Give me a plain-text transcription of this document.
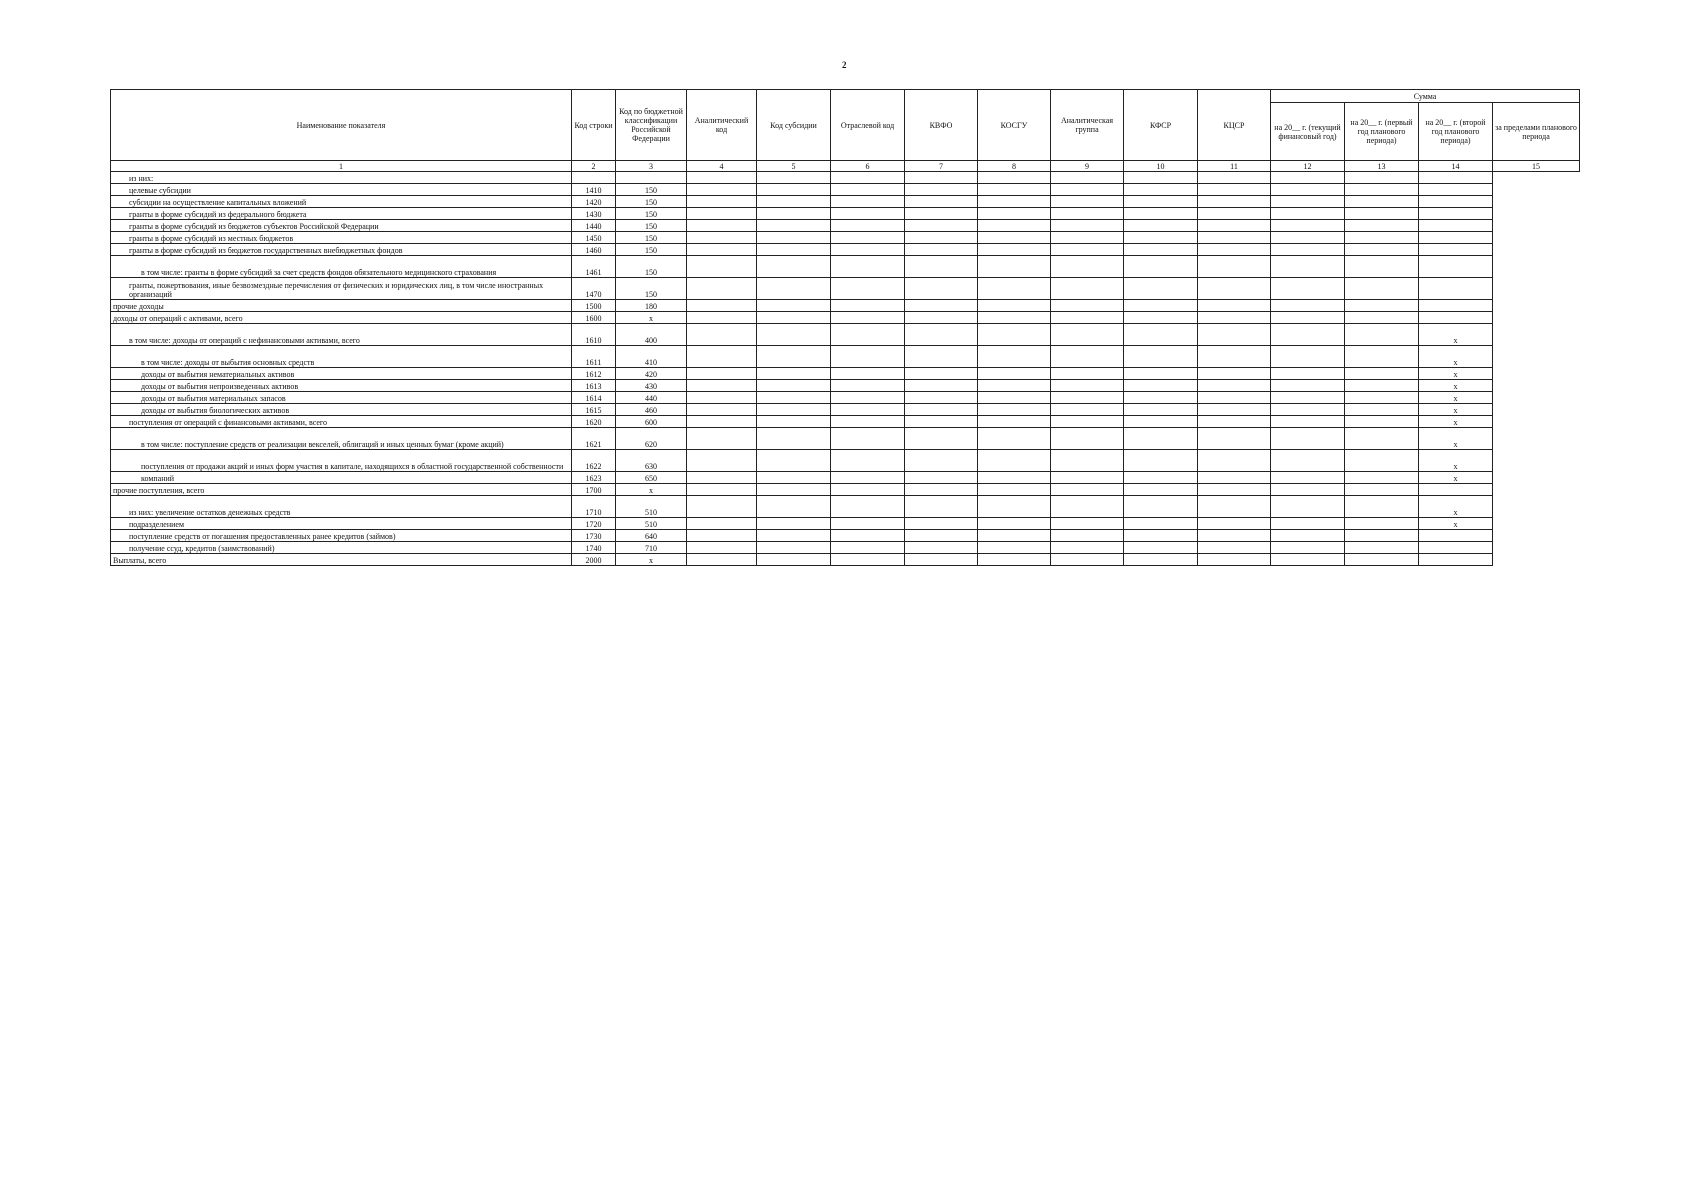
2
Наименование показателя	Код строки	Код по бюджетной классификации Российской Федерации	Аналитический код	Код субсидии	Отраслевой код	КВФО	КОСГУ	Аналитическая группа	КФСР	КЦСР	Сумма			
											на 20__ г. (текущий финансовый год)	на 20__ г. (первый год планового периода)	на 20__ г. (второй год планового периода)	за пределами планового периода
1	2	3	4	5	6	7	8	9	10	11	12	13	14	15
из них:														
целевые субсидии	1410	150												
субсидии на осуществление капитальных вложений	1420	150												
гранты в форме субсидий из федерального бюджета	1430	150												
гранты в форме субсидий из бюджетов субъектов Российской Федерации	1440	150												
гранты в форме субсидий из местных бюджетов	1450	150												
гранты в форме субсидий из бюджетов государственных внебюджетных фондов	1460	150												
в том числе: гранты в форме субсидий за счет средств фондов обязательного медицинского страхования	1461	150												
гранты, пожертвования, иные безвозмездные перечисления от физических и юридических лиц, в том числе иностранных организаций	1470	150												
прочие доходы	1500	180												
доходы от операций с активами, всего	1600	x												
в том числе: доходы от операций с нефинансовыми активами, всего	1610	400											x	
в том числе: доходы от выбытия основных средств	1611	410											x	
доходы от выбытия нематериальных активов	1612	420											x	
доходы от выбытия непроизведенных активов	1613	430											x	
доходы от выбытия материальных запасов	1614	440											x	
доходы от выбытия биологических активов	1615	460											x	
поступления от операций с финансовыми активами, всего	1620	600											x	
в том числе: поступление средств от реализации векселей, облигаций и иных ценных бумаг (кроме акций)	1621	620											x	
поступления от продажи акций и иных форм участия в капитале, находящихся в областной государственной собственности	1622	630											x	
компаний	1623	650											x	
прочие поступления, всего	1700	x												
из них: увеличение остатков денежных средств	1710	510											x	
подразделением	1720	510											x	
поступление средств от погашения предоставленных ранее кредитов (займов)	1730	640												
получение ссуд, кредитов (заимствований)	1740	710												
Выплаты, всего	2000	x												
